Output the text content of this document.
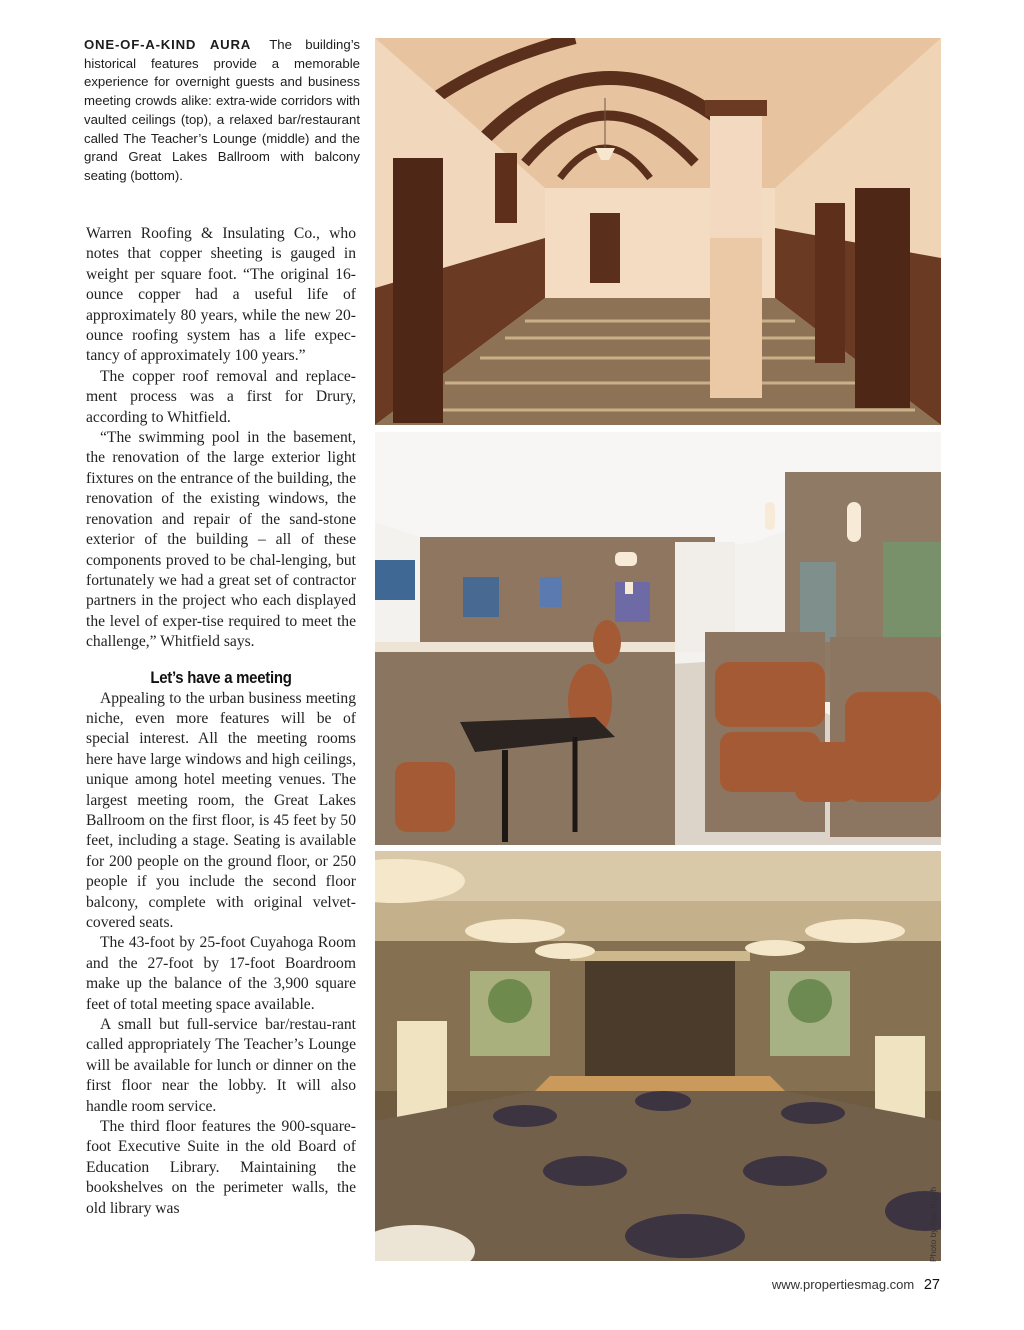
ONE-OF-A-KIND AURA The building’s historical features provide a memorable experience for overnight guests and business meeting crowds alike: extra-wide corridors with vaulted ceilings (top), a relaxed bar/restaurant called The Teacher’s Lounge (middle) and the grand Great Lakes Ballroom with balcony seating (bottom).

Warren Roofing & Insulating Co., who notes that copper sheeting is gauged in weight per square foot. “The original 16-ounce copper had a useful life of approximately 80 years, while the new 20-ounce roofing system has a life expec-tancy of approximately 100 years.”

The copper roof removal and replace-ment process was a first for Drury, according to Whitfield.

“The swimming pool in the basement, the renovation of the large exterior light fixtures on the entrance of the building, the renovation of the existing windows, the renovation and repair of the sand-stone exterior of the building – all of these components proved to be chal-lenging, but fortunately we had a great set of contractor partners in the project who each displayed the level of exper-tise required to meet the challenge,” Whitfield says.

Let’s have a meeting

Appealing to the urban business meeting niche, even more features will be of special interest. All the meeting rooms here have large windows and high ceilings, unique among hotel meeting venues. The largest meeting room, the Great Lakes Ballroom on the first floor, is 45 feet by 50 feet, including a stage. Seating is available for 200 people on the ground floor, or 250 people if you include the second floor balcony, complete with original velvet-covered seats.

The 43-foot by 25-foot Cuyahoga Room and the 27-foot by 17-foot Boardroom make up the balance of the 3,900 square feet of total meeting space available.

A small but full-service bar/restau-rant called appropriately The Teacher’s Lounge will be available for lunch or dinner on the first floor near the lobby. It will also handle room service.

The third floor features the 900-square-foot Executive Suite in the old Board of Education Library. Maintaining the bookshelves on the perimeter walls, the old library was	Photo by Ken Krych
www.propertiesmag.com 27
